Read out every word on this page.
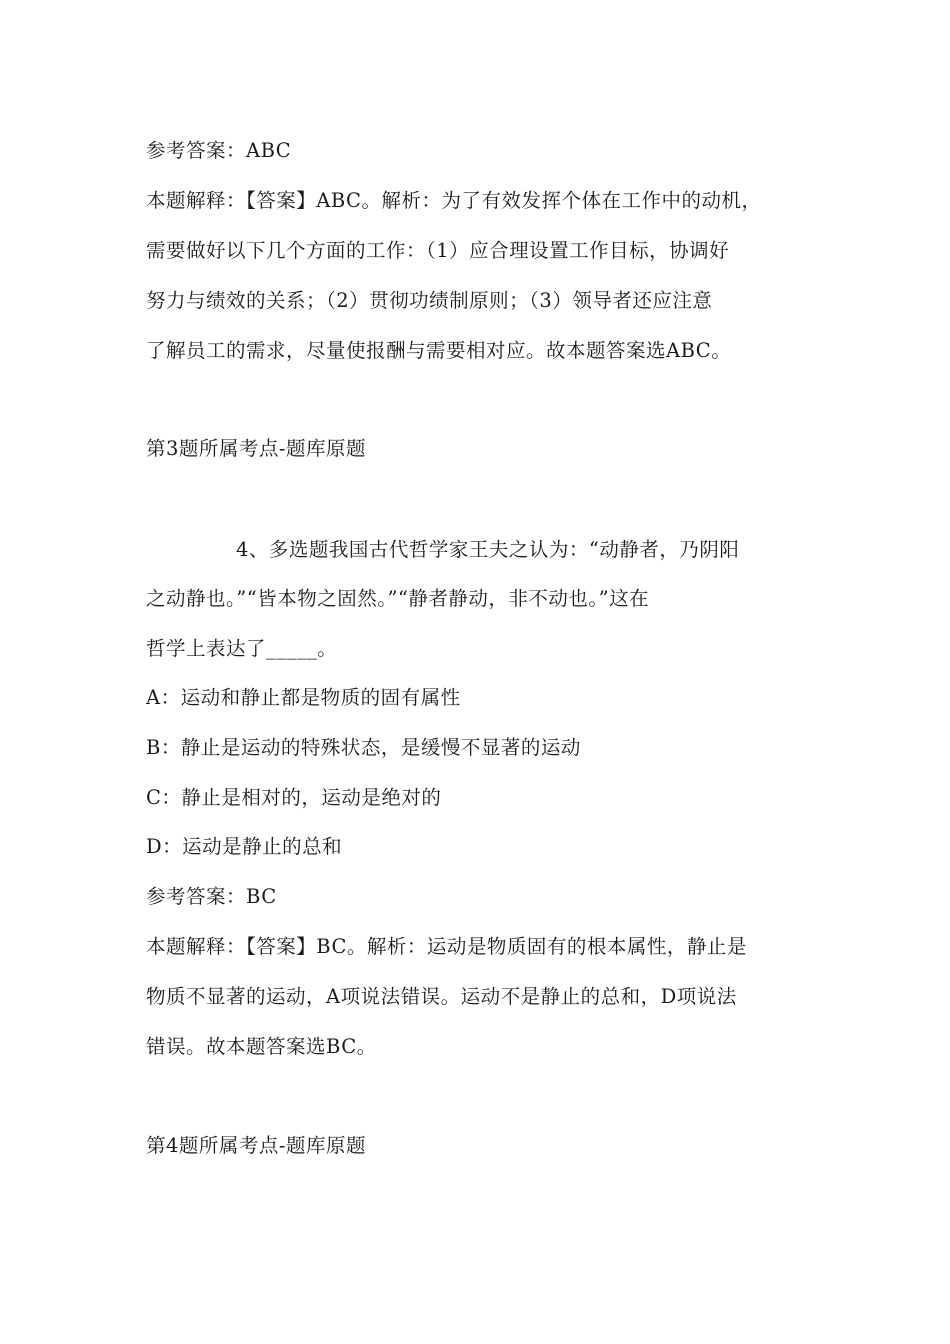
参考答案：ABC
本题解释：【答案】ABC。解析：为了有效发挥个体在工作中的动机，
需要做好以下几个方面的工作：（1）应合理设置工作目标，协调好
努力与绩效的关系；（2）贯彻功绩制原则；（3）领导者还应注意
了解员工的需求，尽量使报酬与需要相对应。故本题答案选ABC。
第3题所属考点-题库原题
4、多选题我国古代哲学家王夫之认为：“动静者，乃阴阳
之动静也。”“皆本物之固然。”“静者静动，非不动也。”这在
哲学上表达了_____。
A：运动和静止都是物质的固有属性
B：静止是运动的特殊状态，是缓慢不显著的运动
C：静止是相对的，运动是绝对的
D：运动是静止的总和
参考答案：BC
本题解释：【答案】BC。解析：运动是物质固有的根本属性，静止是
物质不显著的运动，A项说法错误。运动不是静止的总和，D项说法
错误。故本题答案选BC。
第4题所属考点-题库原题
